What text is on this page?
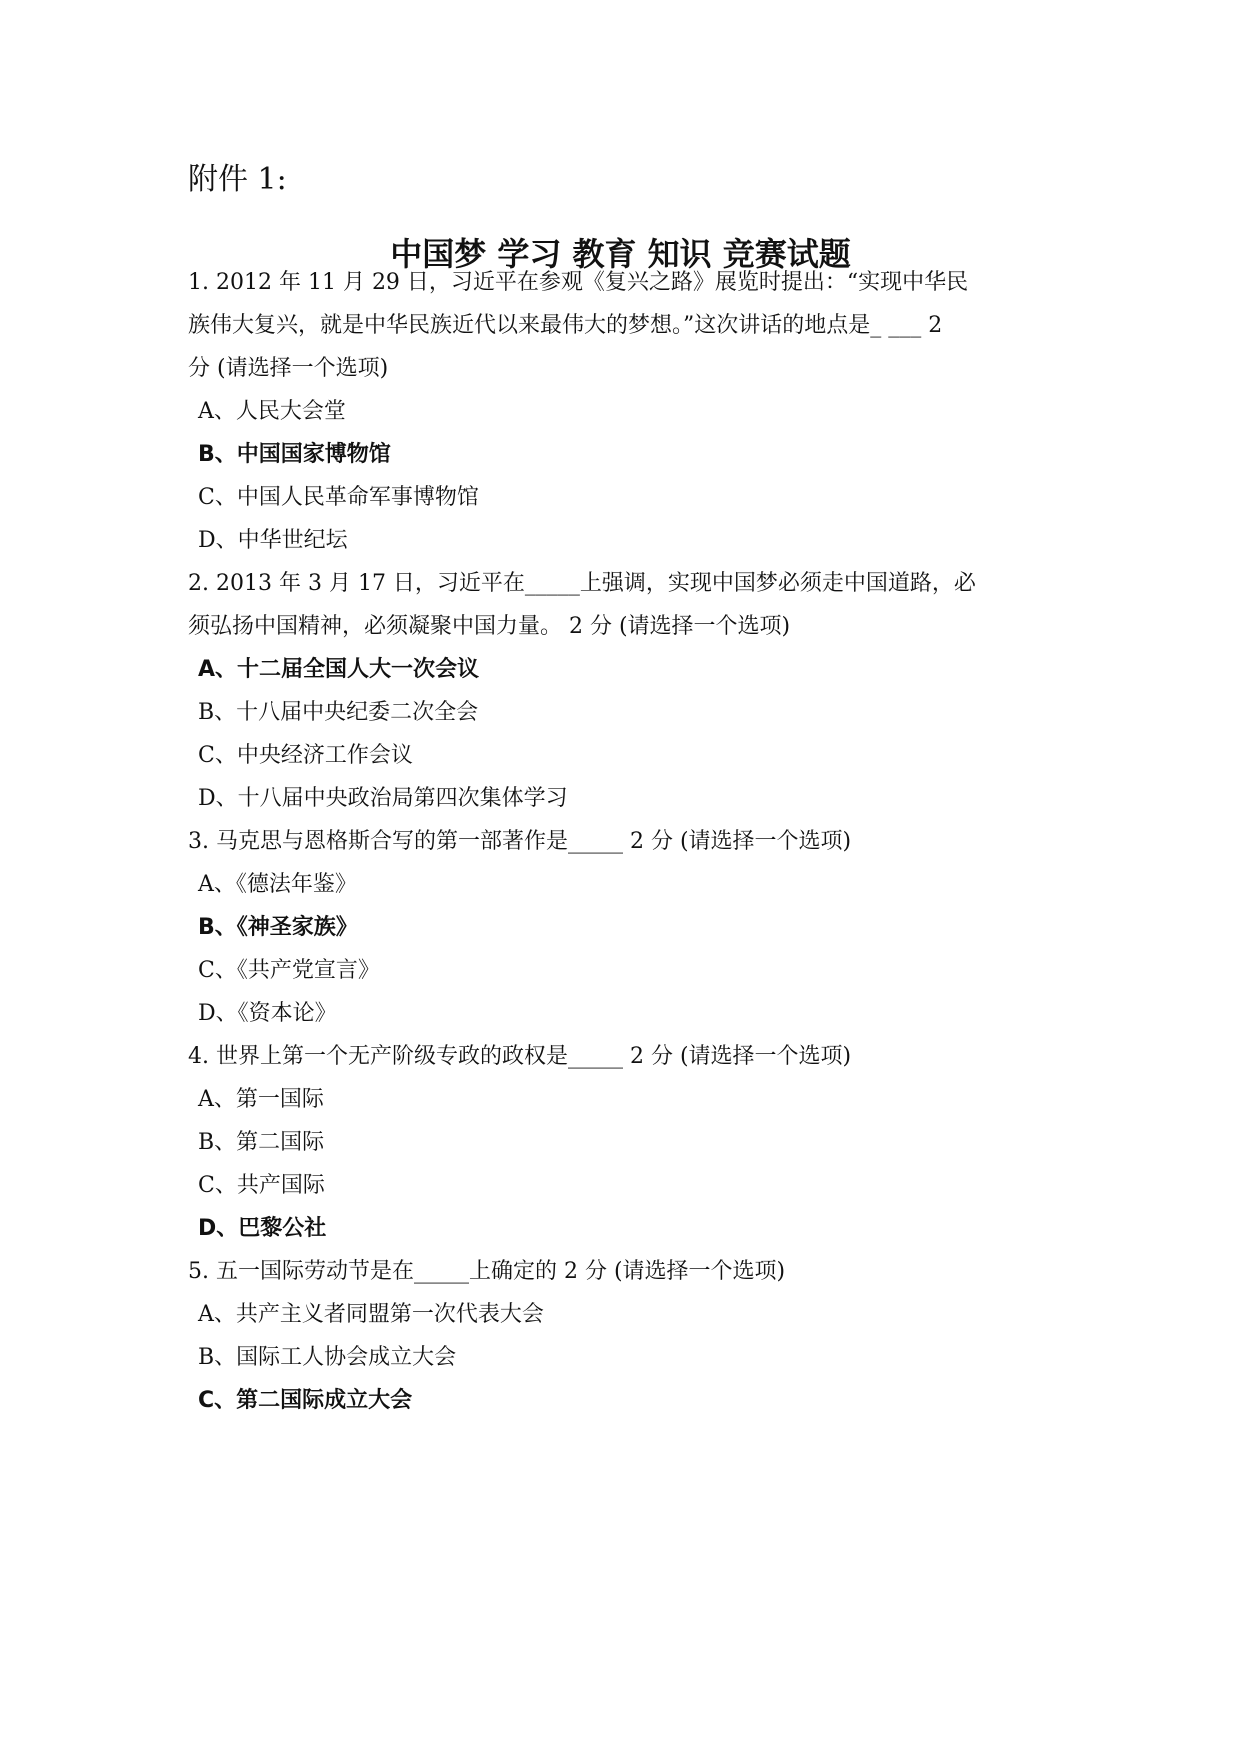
附件 1:
中国梦 学习 教育 知识 竞赛试题
1. 2012 年 11 月 29 日，习近平在参观《复兴之路》展览时提出：“实现中华民
族伟大复兴，就是中华民族近代以来最伟大的梦想。”这次讲话的地点是_ ___ 2
分 (请选择一个选项)
A、人民大会堂
B、中国国家博物馆
C、中国人民革命军事博物馆
D、中华世纪坛
2. 2013 年 3 月 17 日，习近平在_____上强调，实现中国梦必须走中国道路，必
须弘扬中国精神，必须凝聚中国力量。 2 分 (请选择一个选项)
A、十二届全国人大一次会议
B、十八届中央纪委二次全会
C、中央经济工作会议
D、十八届中央政治局第四次集体学习
3. 马克思与恩格斯合写的第一部著作是_____ 2 分 (请选择一个选项)
A、《德法年鉴》
B、《神圣家族》
C、《共产党宣言》
D、《资本论》
4. 世界上第一个无产阶级专政的政权是_____ 2 分 (请选择一个选项)
A、第一国际
B、第二国际
C、共产国际
D、巴黎公社
5. 五一国际劳动节是在_____上确定的 2 分 (请选择一个选项)
A、共产主义者同盟第一次代表大会
B、国际工人协会成立大会
C、第二国际成立大会
